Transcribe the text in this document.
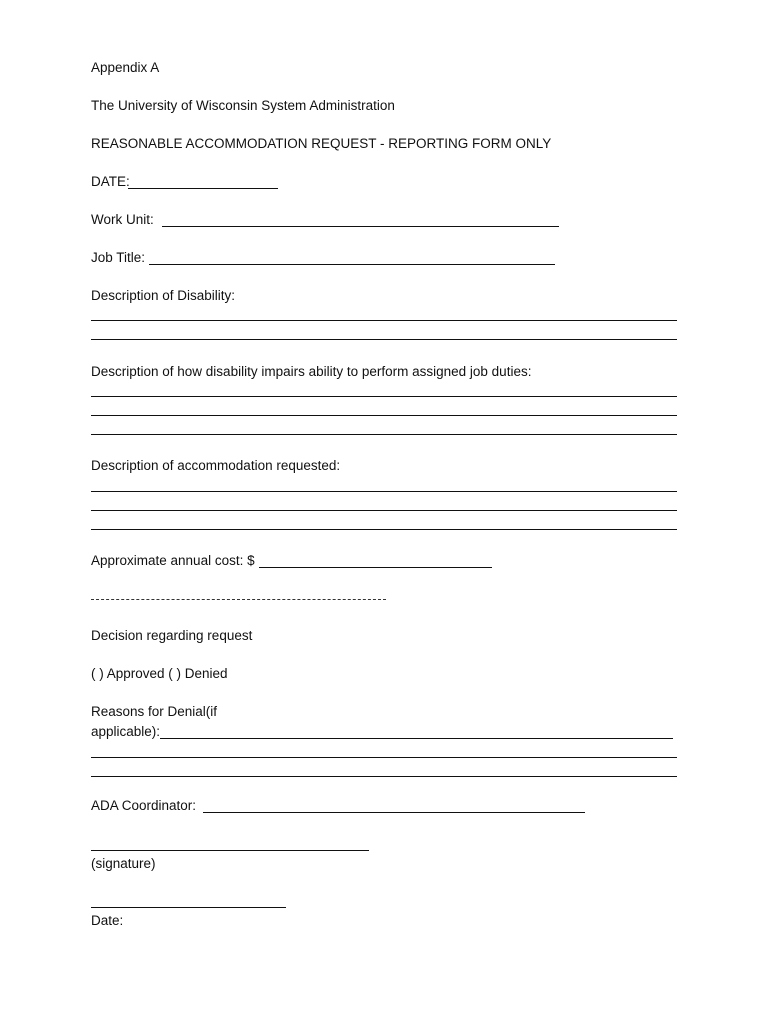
Appendix A
The University of Wisconsin System Administration
REASONABLE ACCOMMODATION REQUEST - REPORTING FORM ONLY
DATE:
Work Unit:
Job Title:
Description of Disability:
Description of how disability impairs ability to perform assigned job duties:
Description of accommodation requested:
Approximate annual cost: $
Decision regarding request
( ) Approved ( ) Denied
Reasons for Denial(if
applicable):
ADA Coordinator:
(signature)
Date:
